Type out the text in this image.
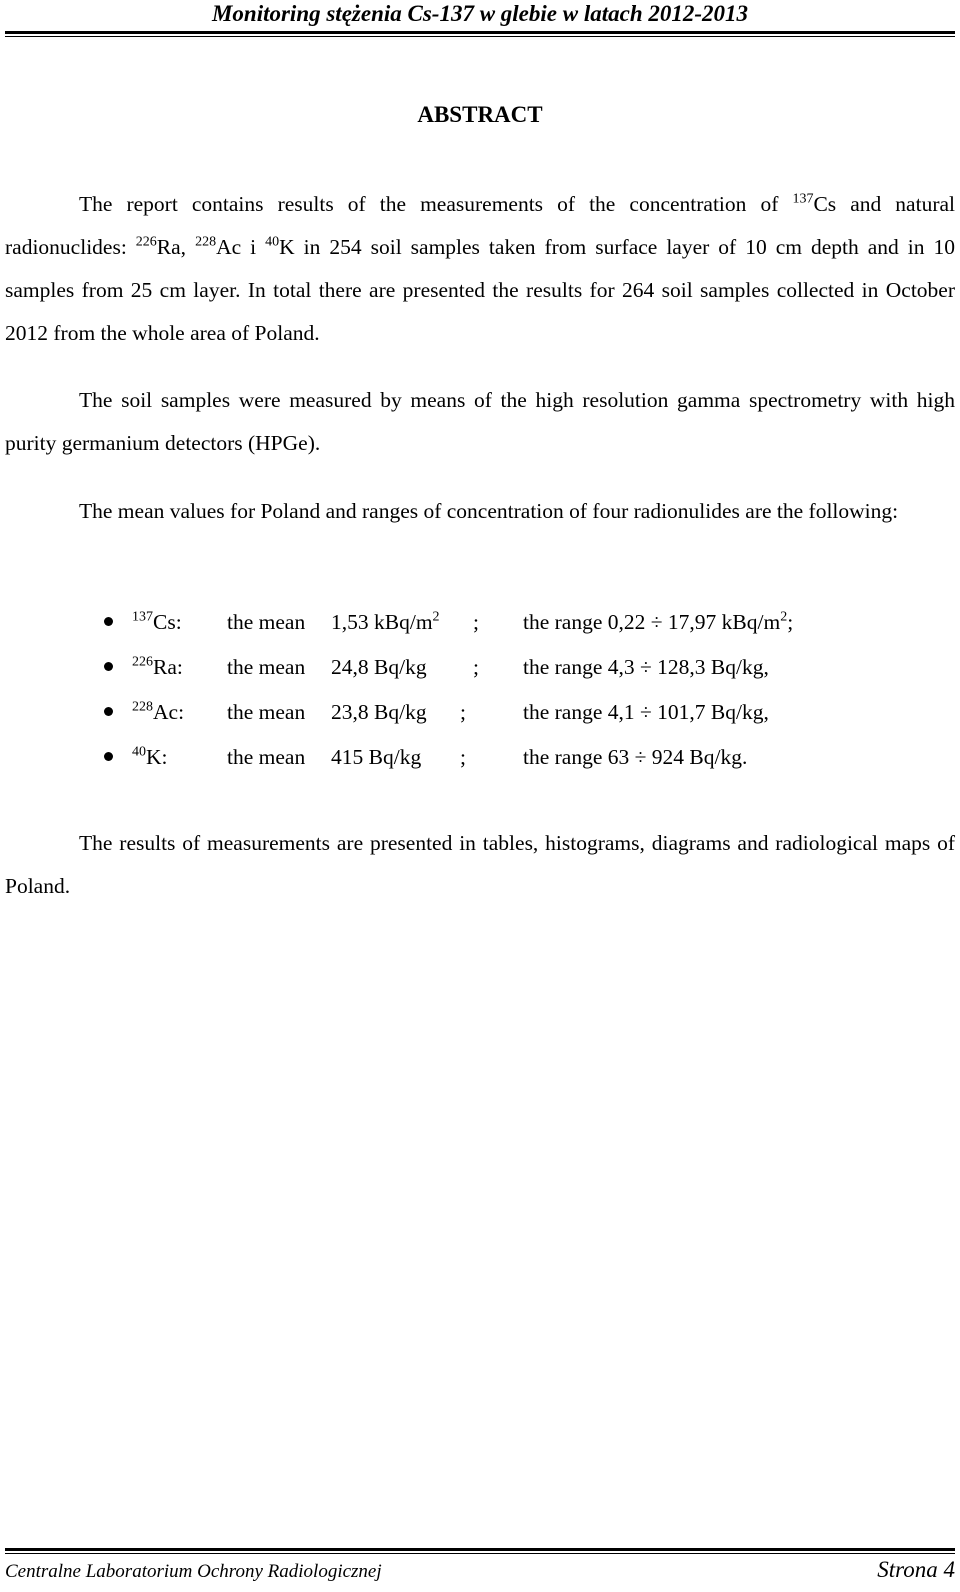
Monitoring stężenia Cs-137 w glebie w latach 2012-2013
ABSTRACT

The report contains results of the measurements of the concentration of $^{137}$Cs and natural radionuclides: $^{226}$Ra, $^{228}$Ac i $^{40}$K in 254 soil samples taken from surface layer of 10 cm depth and in 10 samples from 25 cm layer. In total there are presented the results for 264 soil samples collected in October 2012 from the whole area of Poland.

The soil samples were measured by means of the high resolution gamma spectrometry with high purity germanium detectors (HPGe).

The mean values for Poland and ranges of concentration of four radionulides are the following:

$^{137}$Cs: the mean 1,53 kBq/$m^2$ ; the range 0,22 ÷ 17,97 kBq/$m^2$;
$^{226}$Ra: the mean 24,8 Bq/kg ; the range 4,3 ÷ 128,3 Bq/kg,
$^{228}$Ac: the mean 23,8 Bq/kg ;	the range 4,1 ÷ 101,7 Bq/kg,
$^{40}$K:	the mean 415 Bq/kg ;	the range 63 ÷ 924 Bq/kg.

The results of measurements are presented in tables, histograms, diagrams and radiological maps of Poland.

Centralne Laboratorium Ochrony Radiologicznej	Strona 4
